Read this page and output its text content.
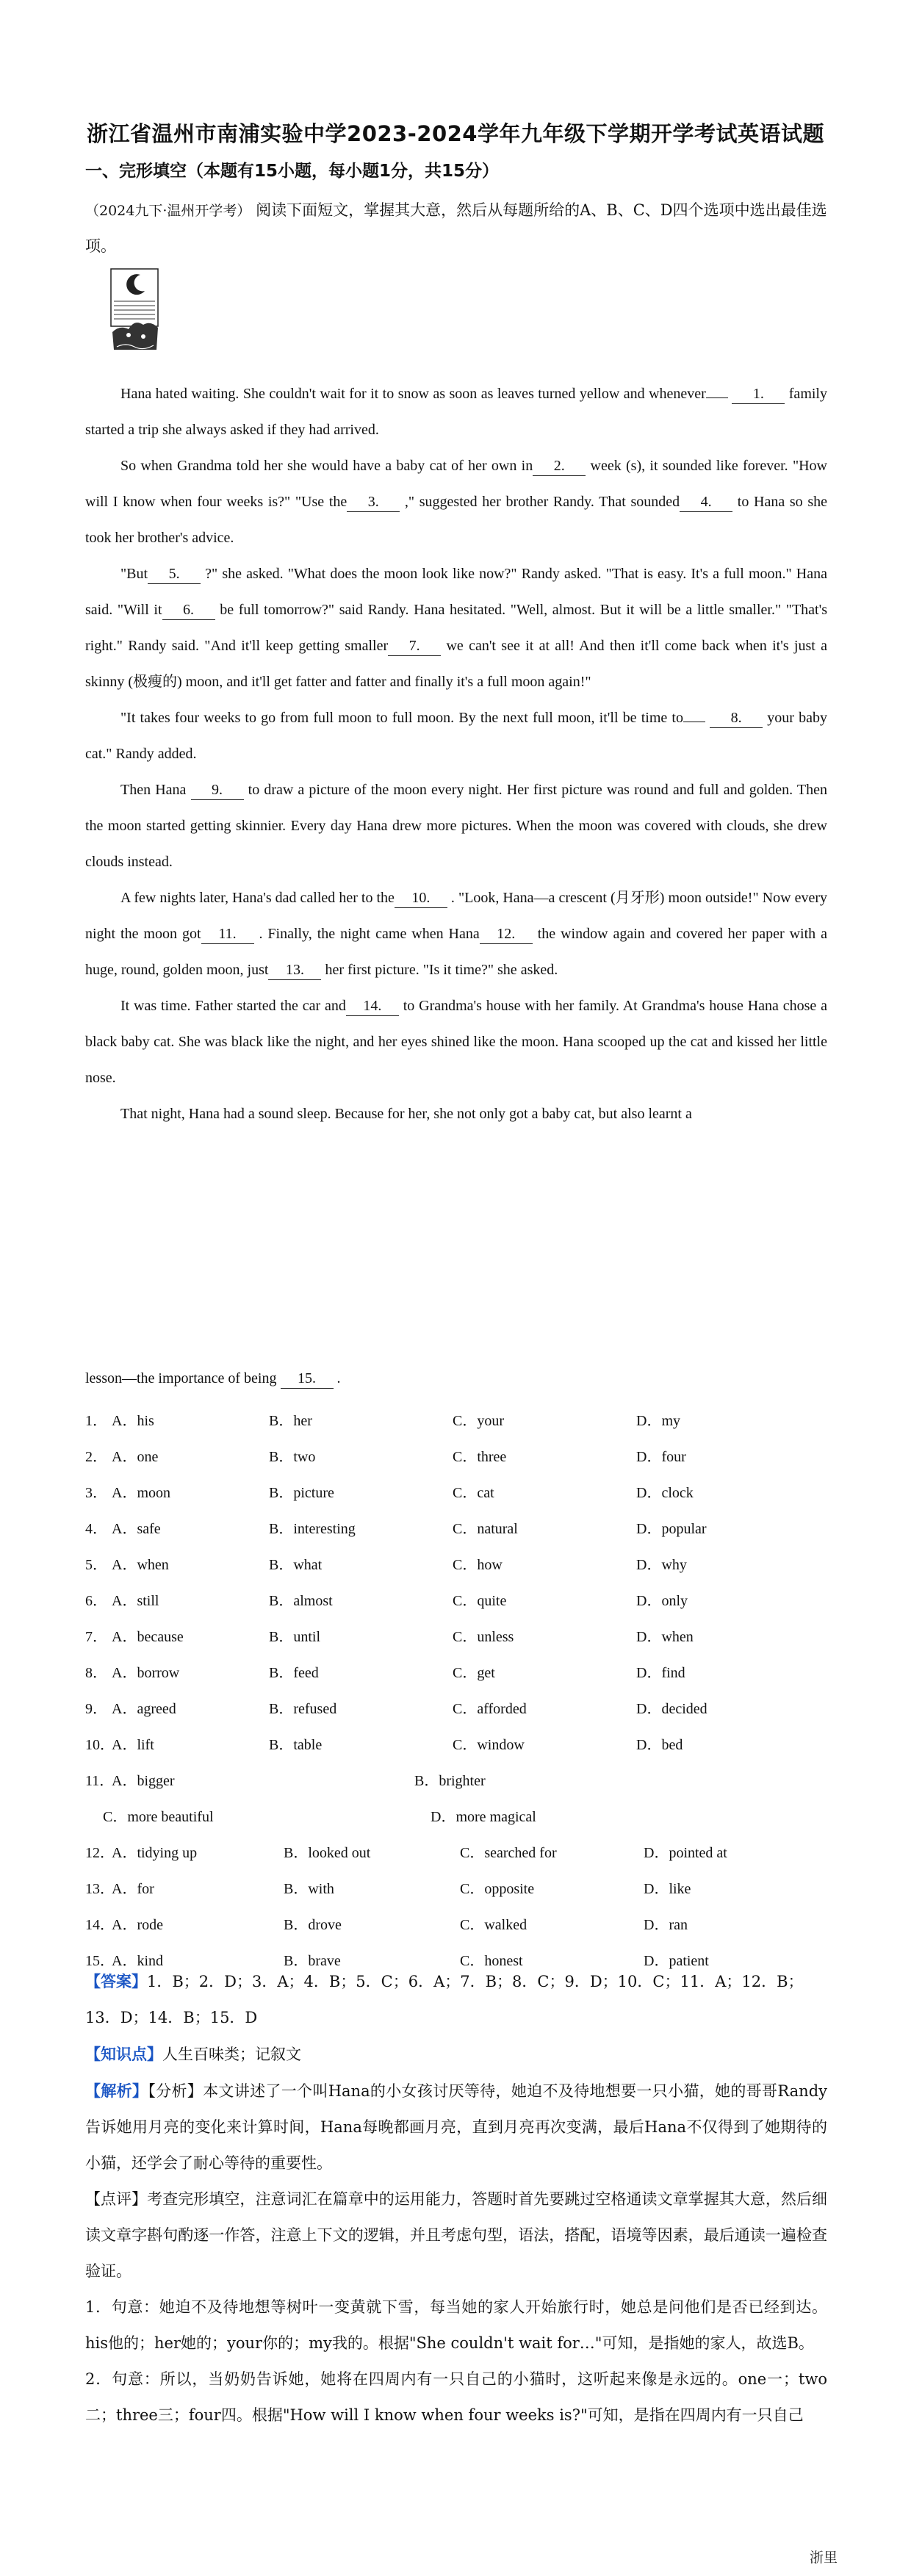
浙江省温州市南浦实验中学2023-2024学年九年级下学期开学考试英语试题
一、完形填空（本题有15小题，每小题1分，共15分）
（2024九下·温州开学考） 阅读下面短文，掌握其大意，然后从每题所给的A、B、C、D四个选项中选出最佳选项。

Hana hated waiting. She couldn't wait for it to snow as soon as leaves turned yellow and whenever	1. family started a trip she always asked if they had arrived.

So when Grandma told her she would have a baby cat of her own in 2. week (s), it sounded like forever. "How will I know when four weeks is?" "Use the 3. ," suggested her brother Randy. That sounded 4. to Hana so she took her brother's advice.

"But 5. ?" she asked. "What does the moon look like now?" Randy asked. "That is easy. It's a full moon." Hana said. "Will it 6. be full tomorrow?" said Randy. Hana hesitated. "Well, almost. But it will be a little smaller." "That's right." Randy said. "And it'll keep getting smaller 7. we can't see it at all! And then it'll come back when it's just a skinny (极瘦的) moon, and it'll get fatter and fatter and finally it's a full moon again!"

"It takes four weeks to go from full moon to full moon. By the next full moon, it'll be time to	8. your baby cat." Randy added.

Then Hana 9. to draw a picture of the moon every night. Her first picture was round and full and golden. Then the moon started getting skinnier. Every day Hana drew more pictures. When the moon was covered with clouds, she drew clouds instead.

A few nights later, Hana's dad called her to the 10. . "Look, Hana—a crescent (月牙形) moon outside!" Now every night the moon got 11. . Finally, the night came when Hana 12. the window again and covered her paper with a huge, round, golden moon, just 13. her first picture. "Is it time?" she asked.

It was time. Father started the car and 14. to Grandma's house with her family. At Grandma's house Hana chose a black baby cat. She was black like the night, and her eyes shined like the moon. Hana scooped up the cat and kissed her little nose.

That night, Hana had a sound sleep. Because for her, she not only got a baby cat, but also learnt a

lesson—the importance of being 15. .
1． A．his	B．her	C．your	D．my
2． A．one	B．two	C．three	D．four
3． A．moon	B．picture	C．cat	D．clock
4． A．safe	B．interesting	C．natural	D．popular
5． A．when	B．what	C．how	D．why
6． A．still	B．almost	C．quite	D．only
7． A．because	B．until	C．unless	D．when
8． A．borrow	B．feed	C．get	D．find
9． A．agreed	B．refused	C．afforded	D．decided
10．
A．lift	B．table	C．window	D．bed
11．
A．bigger	B．brighter
C．more beautiful	D．more magical
12．
A．tidying up	B．looked out	C．searched for	D．pointed at
13．
A．for	B．with	C．opposite	D．like
14．
A．rode	B．drove	C．walked	D．ran
15．
A．kind	B．brave	C．honest	D．patient

【答案】1．B；2．D；3．A；4．B；5．C；6．A；7．B；8．C；9．D；10．C；11．A；12．B；13．D；14．B；15．D

【知识点】人生百味类；记叙文

【解析】【分析】本文讲述了一个叫Hana的小女孩讨厌等待，她迫不及待地想要一只小猫，她的哥哥Randy告诉她用月亮的变化来计算时间，Hana每晚都画月亮，直到月亮再次变满，最后Hana不仅得到了她期待的小猫，还学会了耐心等待的重要性。

【点评】考查完形填空，注意词汇在篇章中的运用能力，答题时首先要跳过空格通读文章掌握其大意，然后细读文章字斟句酌逐一作答，注意上下文的逻辑，并且考虑句型，语法，搭配，语境等因素，最后通读一遍检查验证。

1．句意：她迫不及待地想等树叶一变黄就下雪，每当她的家人开始旅行时，她总是问他们是否已经到达。his他的；her她的；your你的；my我的。根据"She couldn't wait for…"可知，是指她的家人，故选B。

2．句意：所以，当奶奶告诉她，她将在四周内有一只自己的小猫时，这听起来像是永远的。one一；two二；three三；four四。根据"How will I know when four weeks is?"可知，是指在四周内有一只自己

浙里
